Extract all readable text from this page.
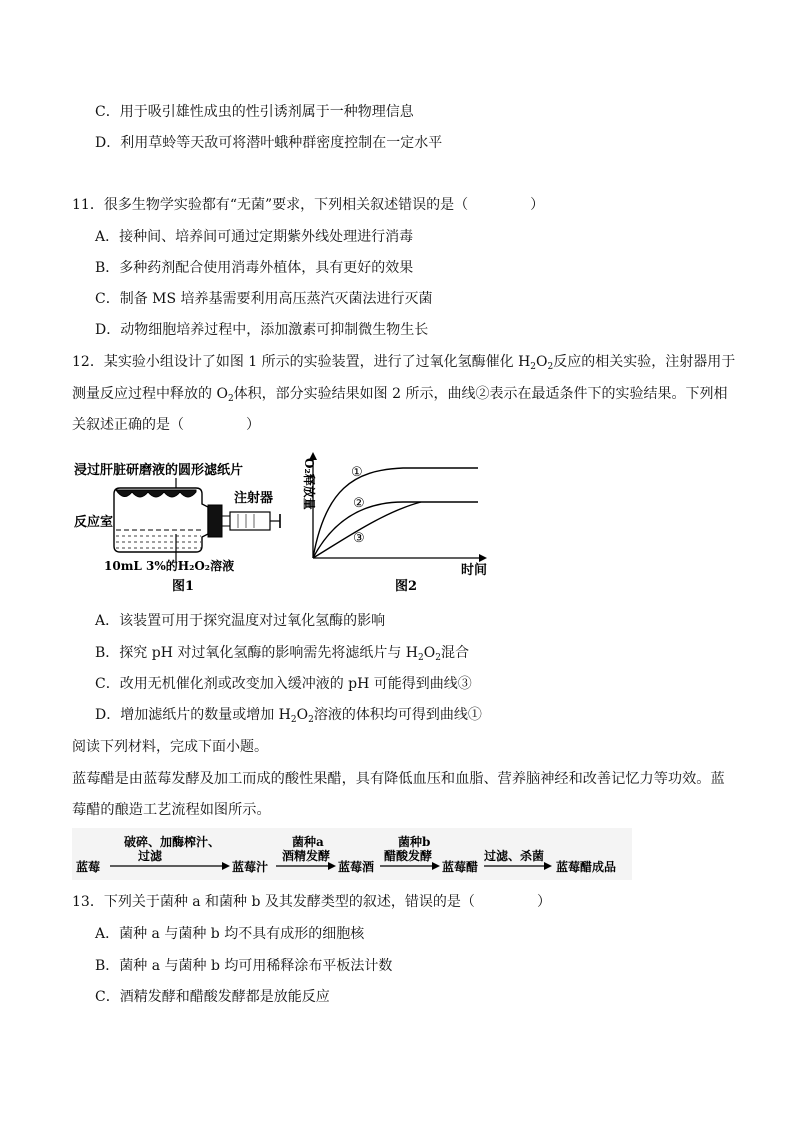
C．用于吸引雄性成虫的性引诱剂属于一种物理信息
D．利用草蛉等天敌可将潜叶蛾种群密度控制在一定水平
11．很多生物学实验都有“无菌”要求，下列相关叙述错误的是（	）
A．接种间、培养间可通过定期紫外线处理进行消毒
B．多种药剂配合使用消毒外植体，具有更好的效果
C．制备 MS 培养基需要利用高压蒸汽灭菌法进行灭菌
D．动物细胞培养过程中，添加激素可抑制微生物生长
12．某实验小组设计了如图 1 所示的实验装置，进行了过氧化氢酶催化 $H_2O_2$反应的相关实验，注射器用于
测量反应过程中释放的 $O_2$体积，部分实验结果如图 2 所示，曲线②表示在最适条件下的实验结果。下列相
关叙述正确的是（	）
浸过肝脏研磨液的圆形滤纸片
注射器
反应室
10mL 3%的H₂O₂溶液
图1
O₂释放量	①
②
③
时间
图2
A．该装置可用于探究温度对过氧化氢酶的影响
B．探究 pH 对过氧化氢酶的影响需先将滤纸片与 $H_2O_2$混合
C．改用无机催化剂或改变加入缓冲液的 pH 可能得到曲线③
D．增加滤纸片的数量或增加 $H_2O_2$溶液的体积均可得到曲线①
阅读下列材料，完成下面小题。
蓝莓醋是由蓝莓发酵及加工而成的酸性果醋，具有降低血压和血脂、营养脑神经和改善记忆力等功效。蓝
莓醋的酿造工艺流程如图所示。
蓝莓
破碎、加酶榨汁、
过滤
蓝莓汁
菌种a
酒精发酵
蓝莓酒
菌种b
醋酸发酵
蓝莓醋
过滤、杀菌
蓝莓醋成品
13．下列关于菌种 a 和菌种 b 及其发酵类型的叙述，错误的是（	）
A．菌种 a 与菌种 b 均不具有成形的细胞核
B．菌种 a 与菌种 b 均可用稀释涂布平板法计数
C．酒精发酵和醋酸发酵都是放能反应
